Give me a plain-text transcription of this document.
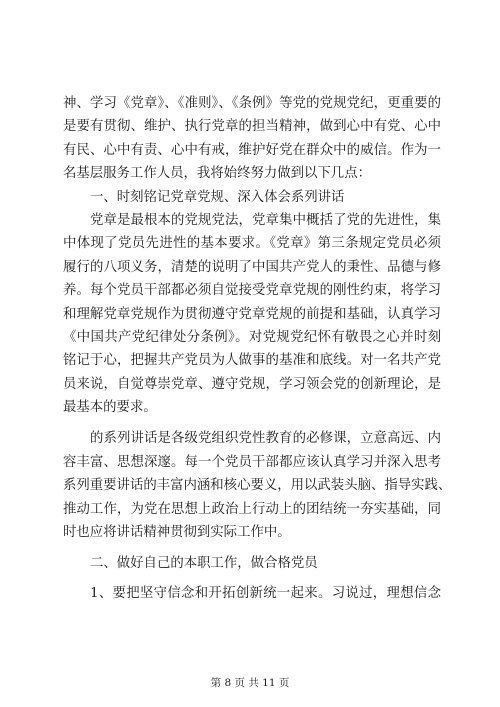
神、学习《党章》、《准则》、《条例》等党的党规党纪，更重要的
是要有贯彻、维护、执行党章的担当精神，做到心中有党、心中
有民、心中有责、心中有戒，维护好党在群众中的威信。作为一
名基层服务工作人员，我将始终努力做到以下几点：
一、时刻铭记党章党规、深入体会系列讲话
党章是最根本的党规党法，党章集中概括了党的先进性，集
中体现了党员先进性的基本要求。《党章》第三条规定党员必须
履行的八项义务，清楚的说明了中国共产党人的秉性、品德与修
养。每个党员干部都必须自觉接受党章党规的刚性约束，将学习
和理解党章党规作为贯彻遵守党章党规的前提和基础，认真学习
《中国共产党纪律处分条例》。对党规党纪怀有敬畏之心并时刻
铭记于心，把握共产党员为人做事的基准和底线。对一名共产党
员来说，自觉尊崇党章、遵守党规，学习领会党的创新理论，是
最基本的要求。
的系列讲话是各级党组织党性教育的必修课，立意高远、内
容丰富、思想深邃。每一个党员干部都应该认真学习并深入思考
系列重要讲话的丰富内涵和核心要义，用以武装头脑、指导实践、
推动工作，为党在思想上政治上行动上的团结统一夯实基础，同
时也应将讲话精神贯彻到实际工作中。
二、做好自己的本职工作，做合格党员
1、要把坚守信念和开拓创新统一起来。习说过，理想信念
第 8 页 共 11 页
